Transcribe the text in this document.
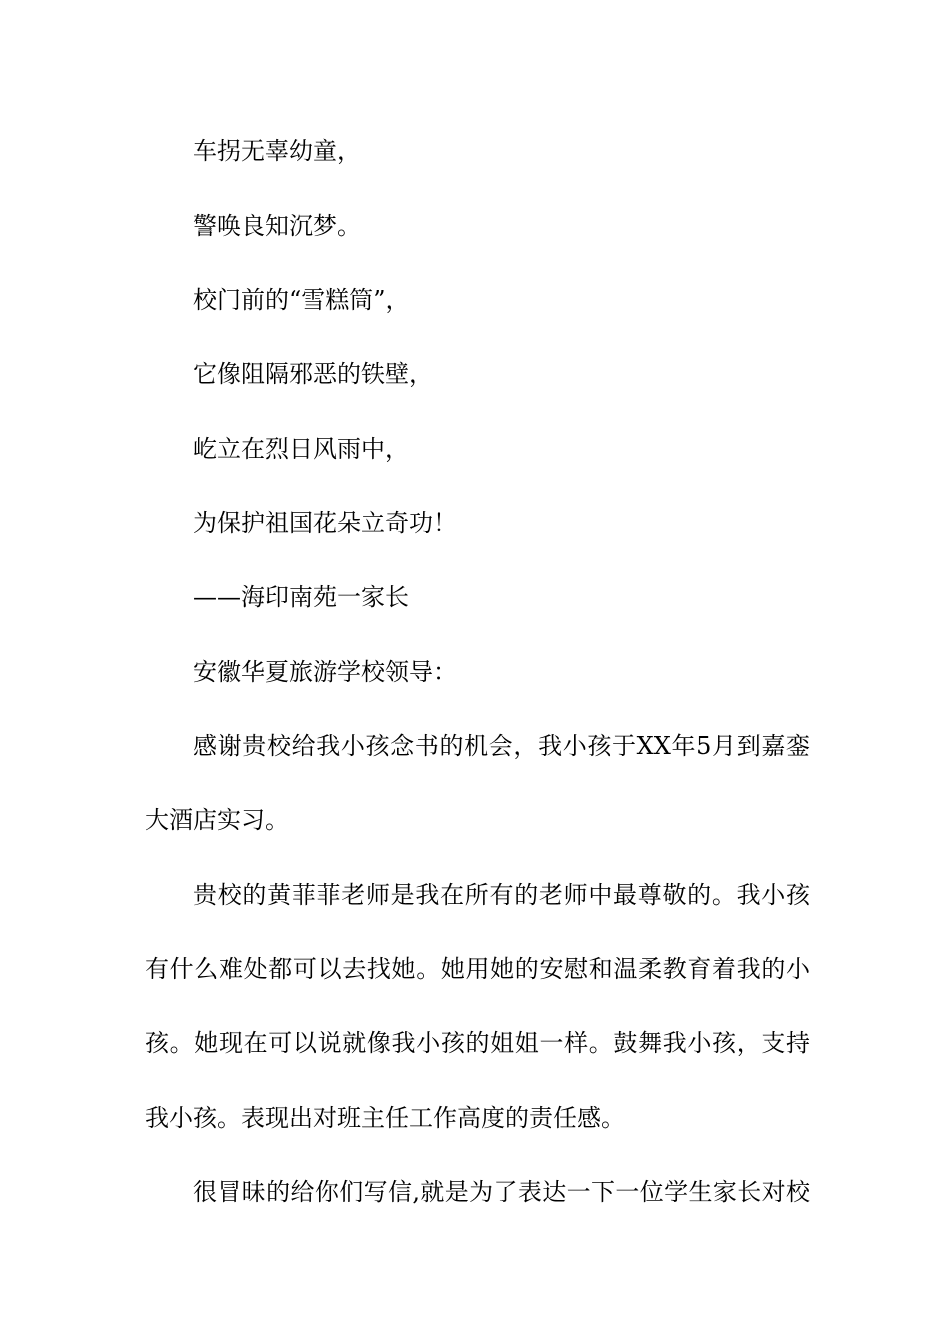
车拐无辜幼童，
警唤良知沉梦。
校门前的“雪糕筒”，
它像阻隔邪恶的铁壁，
屹立在烈日风雨中，
为保护祖国花朵立奇功！
——海印南苑一家长
安徽华夏旅游学校领导：
感谢贵校给我小孩念书的机会，我小孩于XX年5月到嘉銮
大酒店实习。
贵校的黄菲菲老师是我在所有的老师中最尊敬的。我小孩
有什么难处都可以去找她。她用她的安慰和温柔教育着我的小
孩。她现在可以说就像我小孩的姐姐一样。鼓舞我小孩，支持
我小孩。表现出对班主任工作高度的责任感。
很冒昧的给你们写信,就是为了表达一下一位学生家长对校
